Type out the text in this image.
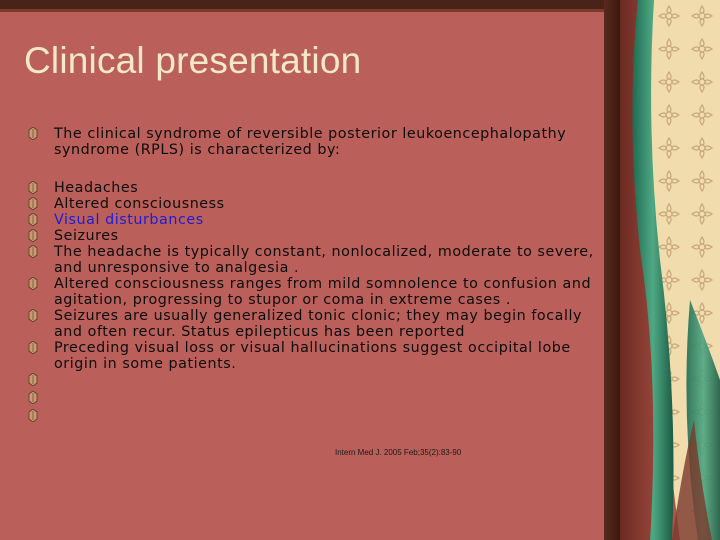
Clinical presentation
The clinical syndrome of reversible posterior leukoencephalopathy syndrome (RPLS) is characterized by:
Headaches
Altered consciousness
Visual disturbances
Seizures
The headache is typically constant, nonlocalized, moderate to severe, and unresponsive to analgesia .
Altered consciousness ranges from mild somnolence to confusion and agitation, progressing to stupor or coma in extreme cases .
Seizures are usually generalized tonic clonic; they may begin focally and often recur. Status epilepticus has been reported
Preceding visual loss or visual hallucinations suggest occipital lobe origin in some patients.
Intern Med J. 2005 Feb;35(2):83-90
